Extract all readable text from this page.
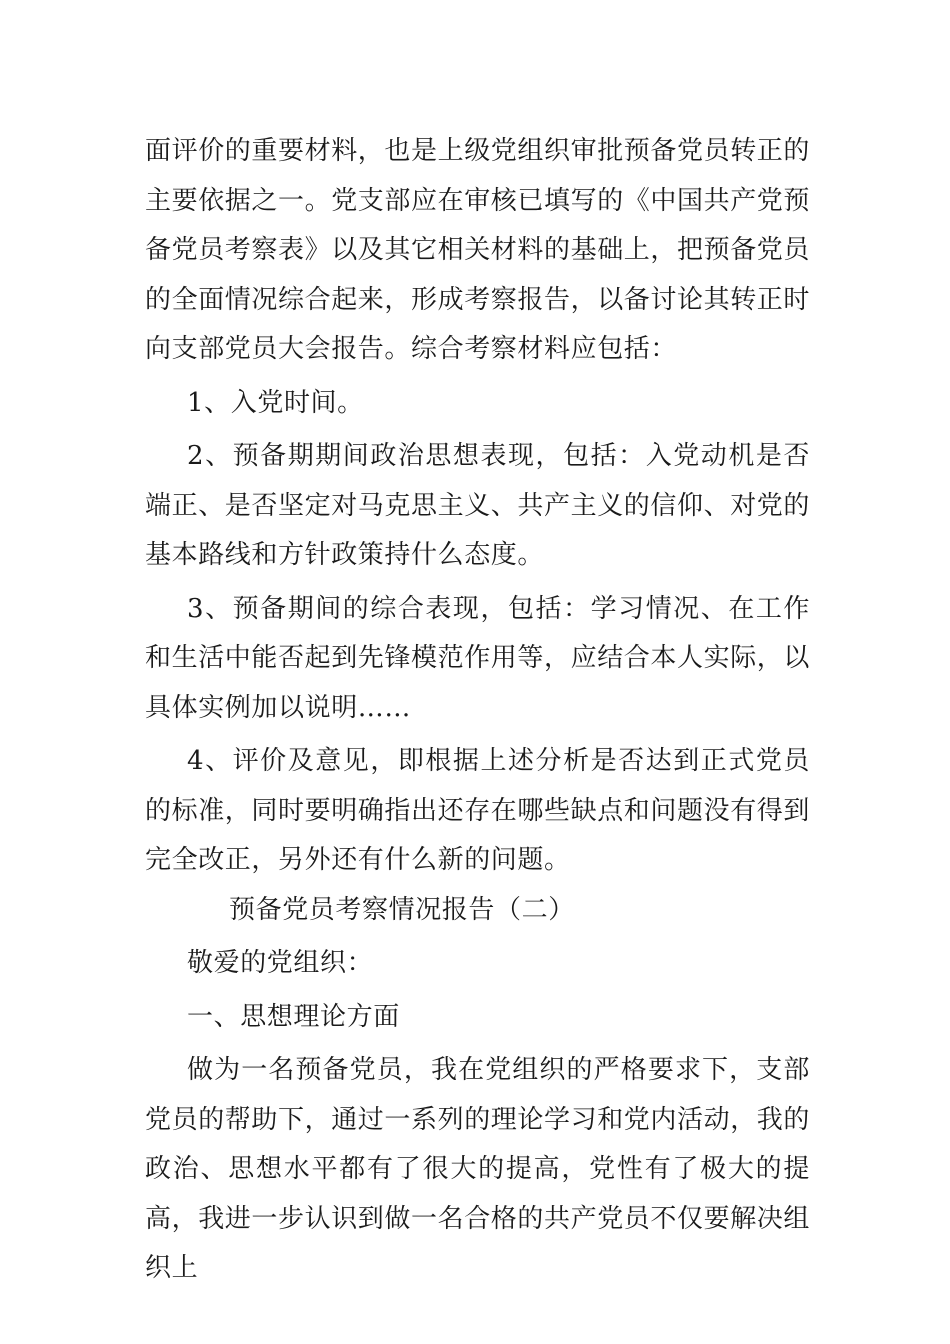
面评价的重要材料，也是上级党组织审批预备党员转正的主要依据之一。党支部应在审核已填写的《中国共产党预备党员考察表》以及其它相关材料的基础上，把预备党员的全面情况综合起来，形成考察报告，以备讨论其转正时向支部党员大会报告。综合考察材料应包括：

1、入党时间。

2、预备期期间政治思想表现，包括：入党动机是否端正、是否坚定对马克思主义、共产主义的信仰、对党的基本路线和方针政策持什么态度。

3、预备期间的综合表现，包括：学习情况、在工作和生活中能否起到先锋模范作用等，应结合本人实际，以具体实例加以说明……

4、评价及意见，即根据上述分析是否达到正式党员的标准，同时要明确指出还存在哪些缺点和问题没有得到完全改正，另外还有什么新的问题。

预备党员考察情况报告（二）

敬爱的党组织：

一、思想理论方面

做为一名预备党员，我在党组织的严格要求下，支部党员的帮助下，通过一系列的理论学习和党内活动，我的政治、思想水平都有了很大的提高，党性有了极大的提高，我进一步认识到做一名合格的共产党员不仅要解决组织上
